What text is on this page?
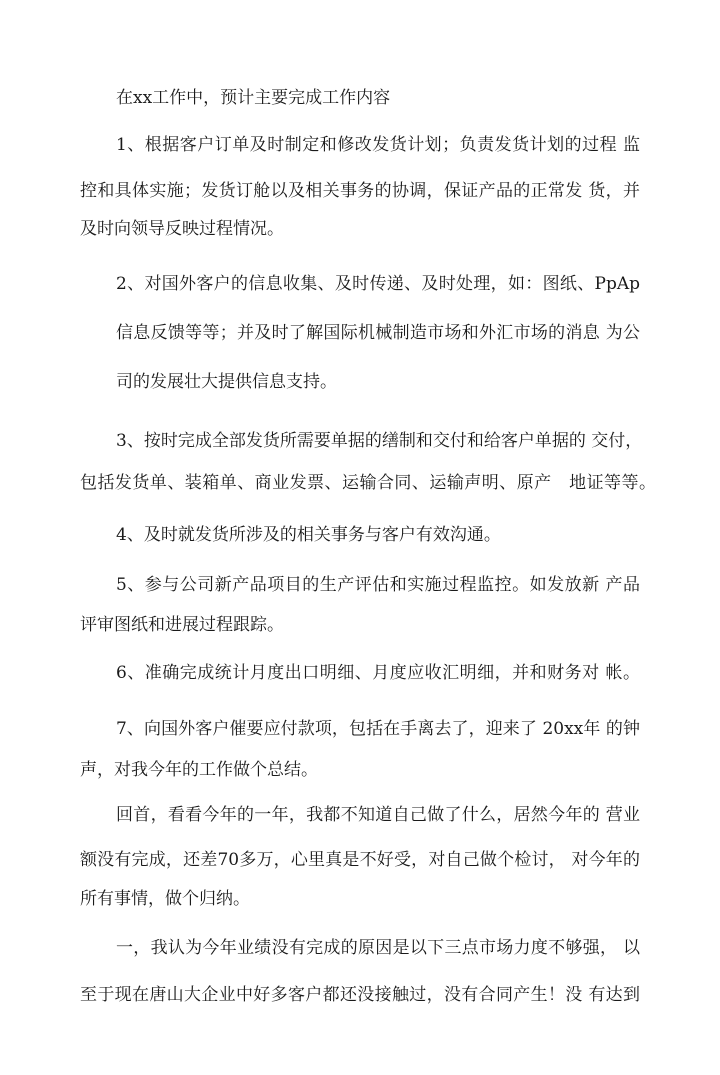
在xx工作中，预计主要完成工作内容

1、根据客户订单及时制定和修改发货计划；负责发货计划的过程 监

控和具体实施；发货订舱以及相关事务的协调，保证产品的正常发 货，并

及时向领导反映过程情况。

2、对国外客户的信息收集、及时传递、及时处理，如：图纸、PpAp

信息反馈等等；并及时了解国际机械制造市场和外汇市场的消息 为公

司的发展壮大提供信息支持。

3、按时完成全部发货所需要单据的缮制和交付和给客户单据的 交付，

包括发货单、装箱单、商业发票、运输合同、运输声明、原产　地证等等。

4、及时就发货所涉及的相关事务与客户有效沟通。

5、参与公司新产品项目的生产评估和实施过程监控。如发放新 产品

评审图纸和进展过程跟踪。

6、准确完成统计月度出口明细、月度应收汇明细，并和财务对 帐。

7、向国外客户催要应付款项，包括在手离去了，迎来了 20xx年 的钟

声，对我今年的工作做个总结。

回首，看看今年的一年，我都不知道自己做了什么，居然今年的 营业

额没有完成，还差70多万，心里真是不好受，对自己做个检讨， 对今年的

所有事情，做个归纳。

一，我认为今年业绩没有完成的原因是以下三点市场力度不够强， 以

至于现在唐山大企业中好多客户都还没接触过，没有合同产生！没 有达到
